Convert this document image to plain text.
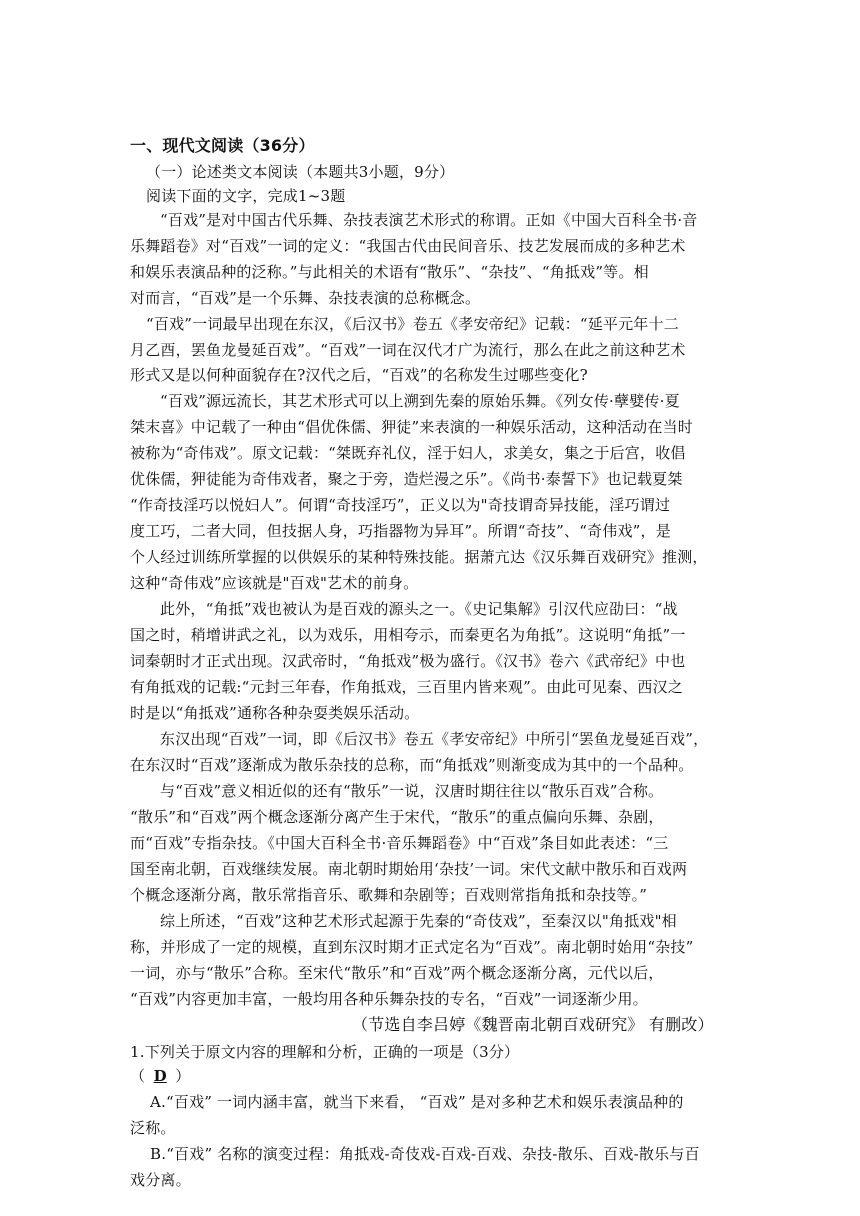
一、现代文阅读（36分）
（一）论述类文本阅读（本题共3小题，9分）
阅读下面的文字，完成1~3题
“百戏”是对中国古代乐舞、杂技表演艺术形式的称谓。正如《中国大百科全书·音
乐舞蹈卷》对“百戏”一词的定义：“我国古代由民间音乐、技艺发展而成的多种艺术
和娱乐表演品种的泛称。”与此相关的术语有“散乐”、“杂技”、“角抵戏”等。相
对而言，“百戏”是一个乐舞、杂技表演的总称概念。
“百戏”一词最早出现在东汉，《后汉书》卷五《孝安帝纪》记载：“延平元年十二
月乙酉，罢鱼龙曼延百戏”。“百戏”一词在汉代才广为流行，那么在此之前这种艺术
形式又是以何种面貌存在?汉代之后，“百戏”的名称发生过哪些变化?
“百戏”源远流长，其艺术形式可以上溯到先秦的原始乐舞。《列女传·孽嬖传·夏
桀末喜》中记载了一种由“倡优侏儒、狎徒”来表演的一种娱乐活动，这种活动在当时
被称为“奇伟戏”。原文记载：“桀既弃礼仪，淫于妇人，求美女，集之于后宫，收倡
优侏儒，狎徒能为奇伟戏者，聚之于旁，造烂漫之乐”。《尚书·泰誓下》也记载夏桀
“作奇技淫巧以悦妇人”。何谓“奇技淫巧”，正义以为"奇技谓奇异技能，淫巧谓过
度工巧，二者大同，但技据人身，巧指器物为异耳”。所谓“奇技”、“奇伟戏”，是
个人经过训练所掌握的以供娱乐的某种特殊技能。据萧亢达《汉乐舞百戏研究》推测，
这种“奇伟戏”应该就是"百戏"艺术的前身。
此外，“角抵”戏也被认为是百戏的源头之一。《史记集解》引汉代应劭曰：“战
国之时，稍增讲武之礼，以为戏乐，用相夸示，而秦更名为角抵”。这说明“角抵”一
词秦朝时才正式出现。汉武帝时，“角抵戏”极为盛行。《汉书》卷六《武帝纪》中也
有角抵戏的记载:“元封三年春，作角抵戏，三百里内皆来观”。由此可见秦、西汉之
时是以“角抵戏”通称各种杂耍类娱乐活动。
东汉出现“百戏”一词，即《后汉书》卷五《孝安帝纪》中所引“罢鱼龙曼延百戏”，
在东汉时“百戏”逐渐成为散乐杂技的总称，而“角抵戏”则渐变成为其中的一个品种。
与“百戏”意义相近似的还有“散乐”一说，汉唐时期往往以“散乐百戏”合称。
“散乐”和“百戏”两个概念逐渐分离产生于宋代，“散乐”的重点偏向乐舞、杂剧，
而“百戏”专指杂技。《中国大百科全书·音乐舞蹈卷》中“百戏”条目如此表述：“三
国至南北朝，百戏继续发展。南北朝时期始用‘杂技’一词。宋代文献中散乐和百戏两
个概念逐渐分离，散乐常指音乐、歌舞和杂剧等；百戏则常指角抵和杂技等。”
综上所述，“百戏”这种艺术形式起源于先秦的“奇伎戏”，至秦汉以"角抵戏"相
称，并形成了一定的规模，直到东汉时期才正式定名为“百戏”。南北朝时始用“杂技”
一词，亦与“散乐”合称。至宋代“散乐”和“百戏”两个概念逐渐分离，元代以后，
“百戏”内容更加丰富，一般均用各种乐舞杂技的专名，“百戏”一词逐渐少用。
（节选自李吕婷《魏晋南北朝百戏研究》 有删改）
1.下列关于原文内容的理解和分析，正确的一项是（3分）
（ D ）
A.“百戏” 一词内涵丰富，就当下来看， “百戏” 是对多种艺术和娱乐表演品种的
泛称。
B.“百戏” 名称的演变过程：角抵戏-奇伎戏-百戏-百戏、杂技-散乐、百戏-散乐与百
戏分离。
